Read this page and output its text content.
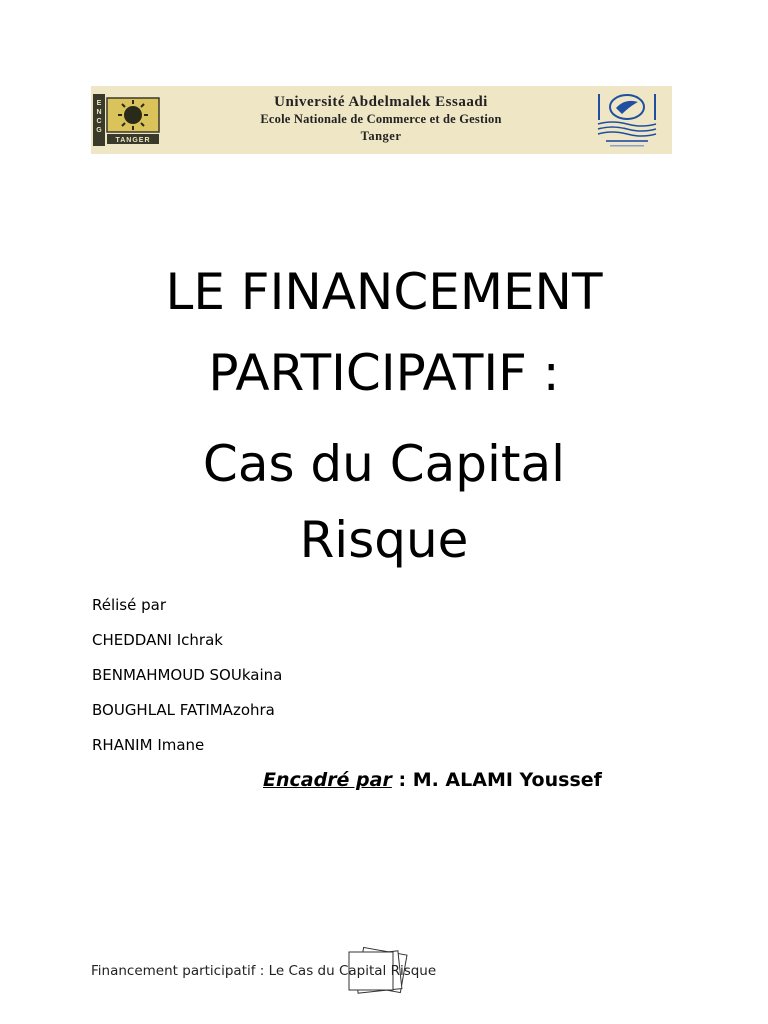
E
N
C
G
TANGER
Université Abdelmalek Essaadi
Ecole Nationale de Commerce et de Gestion
Tanger
LE FINANCEMENT
PARTICIPATIF :
Cas du Capital
Risque
Rélisé par
CHEDDANI Ichrak
BENMAHMOUD SOUkaina
BOUGHLAL FATIMAzohra
RHANIM Imane
Encadré par : M. ALAMI Youssef
Financement participatif : Le Cas du Capital Risque
